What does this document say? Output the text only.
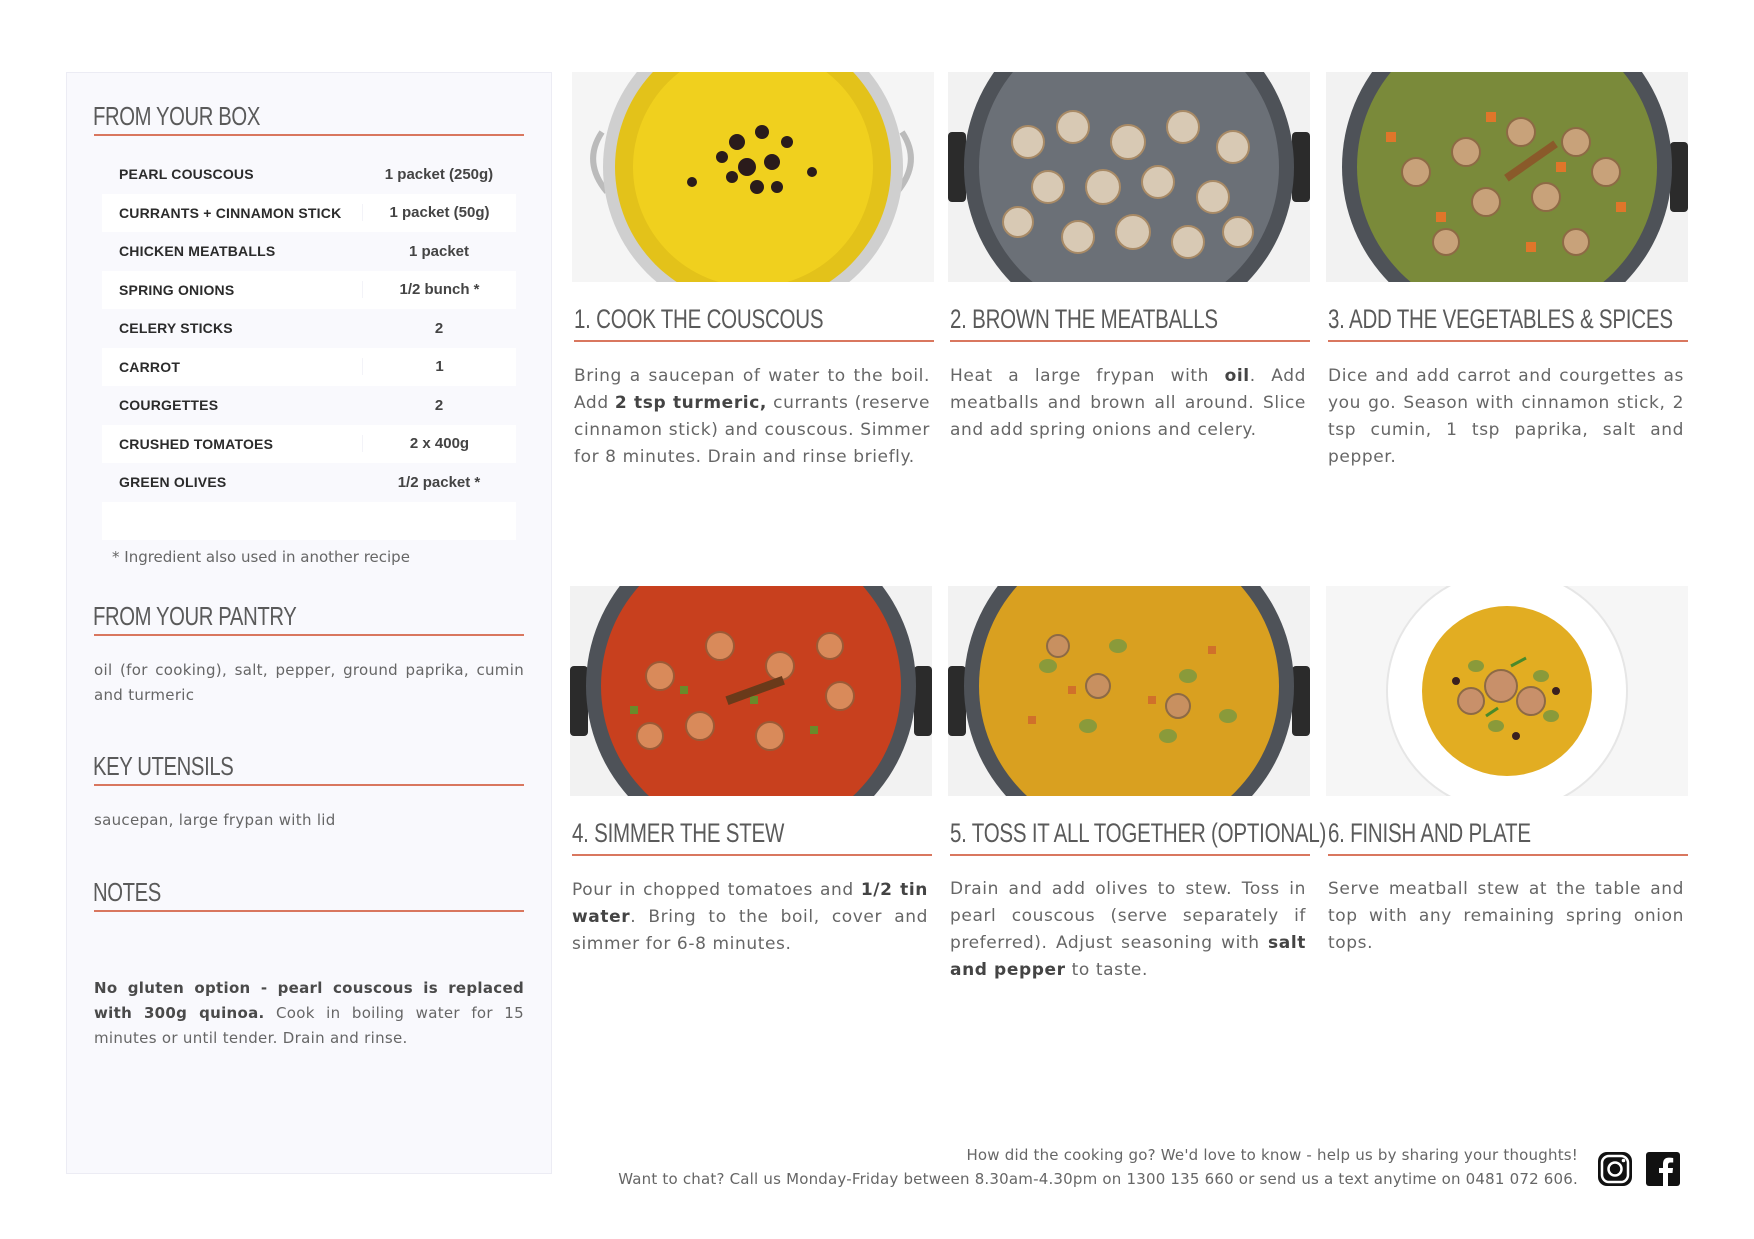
FROM YOUR BOX
PEARL COUSCOUS	1 packet (250g)
CURRANTS + CINNAMON STICK	1 packet (50g)
CHICKEN MEATBALLS	1 packet
SPRING ONIONS	1/2 bunch *
CELERY STICKS	2
CARROT	1
COURGETTES	2
CRUSHED TOMATOES	2 x 400g
GREEN OLIVES	1/2 packet *
* Ingredient also used in another recipe
FROM YOUR PANTRY
oil (for cooking), salt, pepper, ground paprika, cumin and turmeric
KEY UTENSILS
saucepan, large frypan with lid
NOTES
No gluten option - pearl couscous is replaced with 300g quinoa. Cook in boiling water for 15 minutes or until tender. Drain and rinse.
1. COOK THE COUSCOUS
Bring a saucepan of water to the boil. Add 2 tsp turmeric, currants (reserve cinnamon stick) and couscous. Simmer for 8 minutes. Drain and rinse briefly.
2. BROWN THE MEATBALLS
Heat a large frypan with oil. Add meatballs and brown all around. Slice and add spring onions and celery.
3. ADD THE VEGETABLES & SPICES
Dice and add carrot and courgettes as you go. Season with cinnamon stick, 2 tsp cumin, 1 tsp paprika, salt and pepper.
4. SIMMER THE STEW
Pour in chopped tomatoes and 1/2 tin water. Bring to the boil, cover and simmer for 6-8 minutes.
5. TOSS IT ALL TOGETHER (OPTIONAL)
Drain and add olives to stew. Toss in pearl couscous (serve separately if preferred). Adjust seasoning with salt and pepper to taste.
6. FINISH AND PLATE
Serve meatball stew at the table and top with any remaining spring onion tops.
How did the cooking go? We'd love to know - help us by sharing your thoughts!
Want to chat? Call us Monday-Friday between 8.30am-4.30pm on 1300 135 660 or send us a text anytime on 0481 072 606.
